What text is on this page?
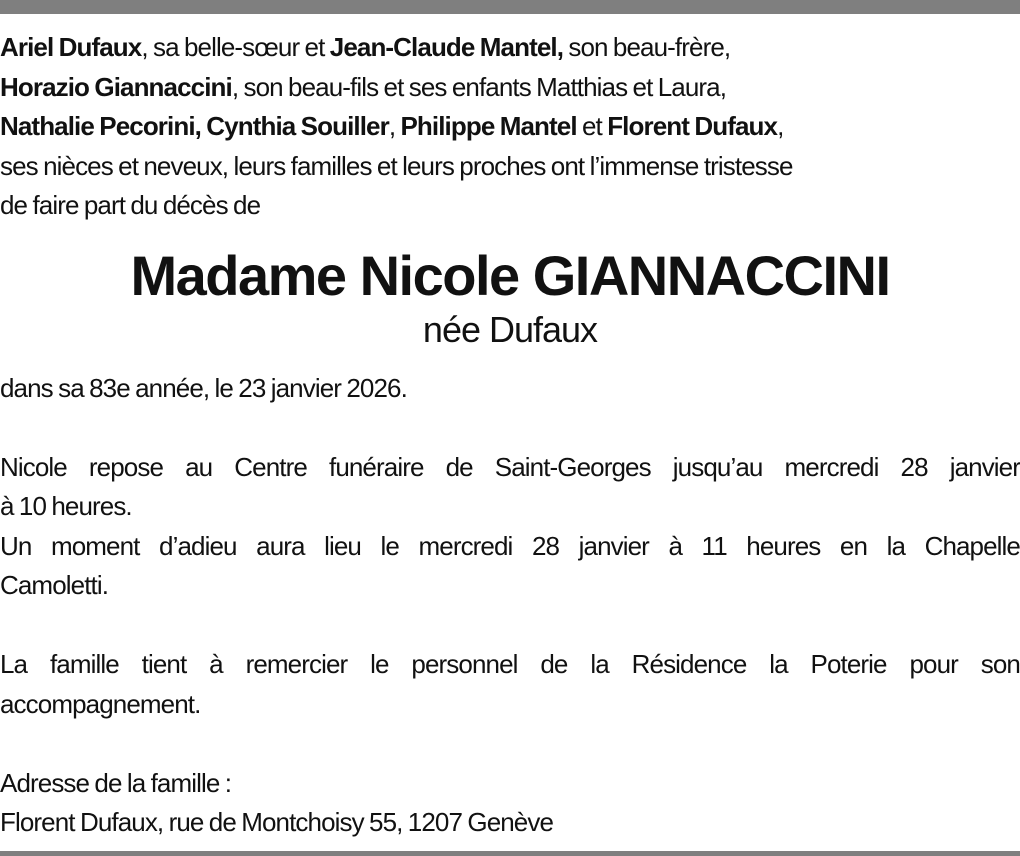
Ariel Dufaux, sa belle-sœur et Jean-Claude Mantel, son beau-frère,
Horazio Giannaccini, son beau-fils et ses enfants Matthias et Laura,
Nathalie Pecorini, Cynthia Souiller, Philippe Mantel et Florent Dufaux,
ses nièces et neveux, leurs familles et leurs proches ont l’immense tristesse
de faire part du décès de

Madame Nicole GIANNACCINI

née Dufaux

dans sa 83e année, le 23 janvier 2026.

Nicole repose au Centre funéraire de Saint-Georges jusqu’au mercredi 28 janvier
à 10 heures.
Un moment d’adieu aura lieu le mercredi 28 janvier à 11 heures en la Chapelle
Camoletti.

La famille tient à remercier le personnel de la Résidence la Poterie pour son
accompagnement.

Adresse de la famille :
Florent Dufaux, rue de Montchoisy 55, 1207 Genève
